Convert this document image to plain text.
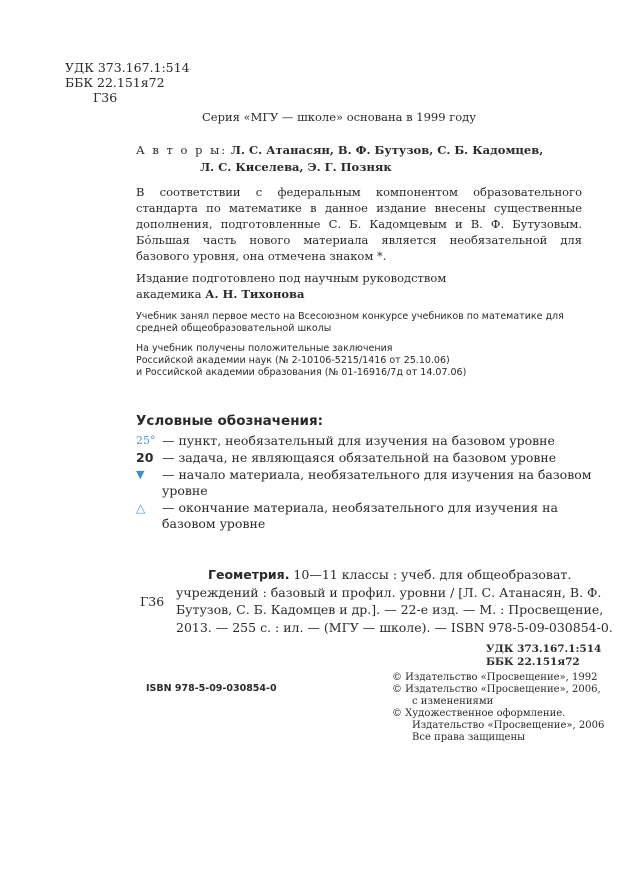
УДК 373.167.1:514
ББК 22.151я72
Г36
Серия «МГУ — школе» основана в 1999 году
А в т о р ы: Л. С. Атанасян, В. Ф. Бутузов, С. Б. Кадомцев,
Л. С. Киселева, Э. Г. Позняк
В соответствии с федеральным компонентом образовательного стандарта по математике в данное издание внесены существенные дополнения, подготовленные С. Б. Кадомцевым и В. Ф. Бутузовым. Бо́льшая часть нового материала является необязательной для базового уровня, она отмечена знаком *.
Издание подготовлено под научным руководством
академика А. Н. Тихонова
Учебник занял первое место на Всесоюзном конкурсе учебников по математике для средней общеобразовательной школы
На учебник получены положительные заключения
Российской академии наук (№ 2-10106-5215/1416 от 25.10.06)
и Российской академии образования (№ 01-16916/7д от 14.07.06)
Условные обозначения:
25° — пункт, необязательный для изучения на базовом уровне
20 — задача, не являющаяся обязательной на базовом уровне
▼	— начало материала, необязательного для изучения на базовом уровне
△	— окончание материала, необязательного для изучения на базовом уровне
Г36
Геометрия. 10—11 классы : учеб. для общеобразоват. учреждений : базовый и профил. уровни / [Л. С. Атанасян, В. Ф. Бутузов, С. Б. Кадомцев и др.]. — 22-е изд. — М. : Просвещение, 2013. — 255 с. : ил. — (МГУ — школе). — ISBN 978-5-09-030854-0.
УДК 373.167.1:514
ББК 22.151я72
ISBN 978-5-09-030854-0
© Издательство «Просвещение», 1992
© Издательство «Просвещение», 2006,
с изменениями
© Художественное оформление.
Издательство «Просвещение», 2006
Все права защищены
